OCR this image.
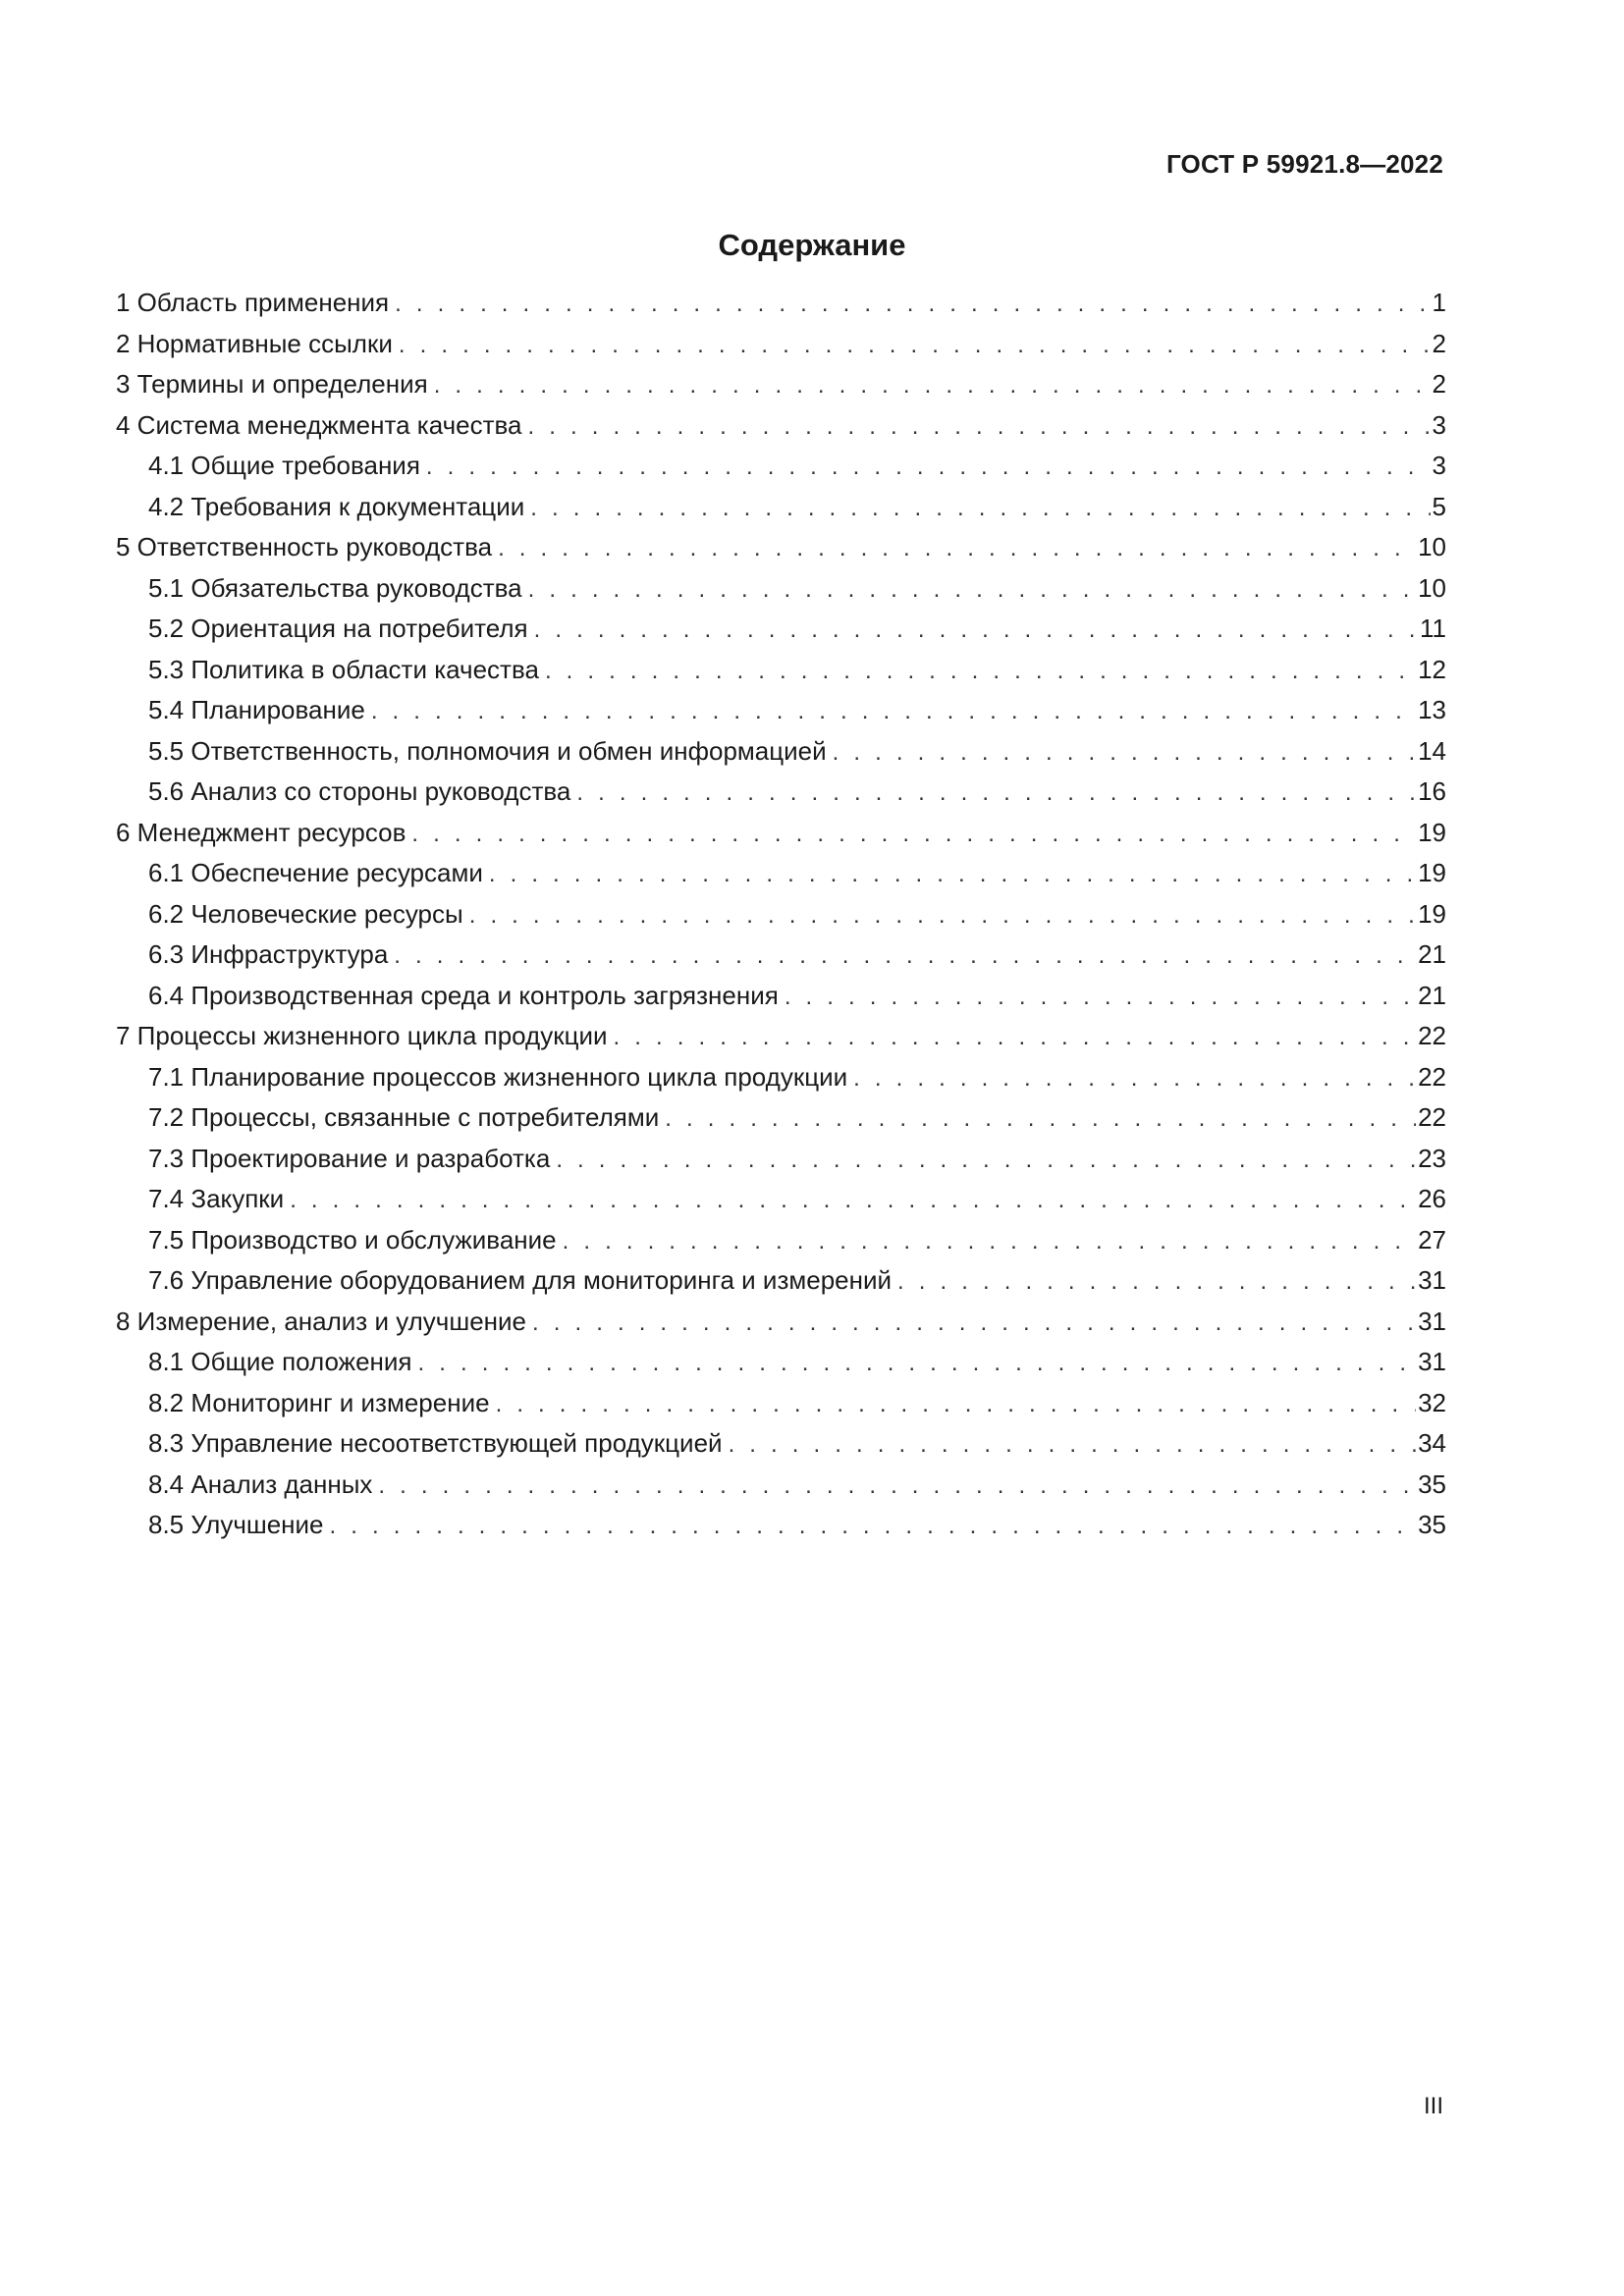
ГОСТ Р 59921.8—2022
Содержание
1 Область применения . . .	1
2 Нормативные ссылки . . .	2
3 Термины и определения . . .	2
4 Система менеджмента качества . . .	3
4.1 Общие требования . . .	3
4.2 Требования к документации . . .	5
5 Ответственность руководства . . .	10
5.1 Обязательства руководства . . .	10
5.2 Ориентация на потребителя . . .	11
5.3 Политика в области качества . . .	12
5.4 Планирование . . .	13
5.5 Ответственность, полномочия и обмен информацией . . .	14
5.6 Анализ со стороны руководства . . .	16
6 Менеджмент ресурсов . . .	19
6.1 Обеспечение ресурсами . . .	19
6.2 Человеческие ресурсы . . .	19
6.3 Инфраструктура . . .	21
6.4 Производственная среда и контроль загрязнения . . .	21
7 Процессы жизненного цикла продукции . . .	22
7.1 Планирование процессов жизненного цикла продукции . . .	22
7.2 Процессы, связанные с потребителями . . .	22
7.3 Проектирование и разработка . . .	23
7.4 Закупки . . .	26
7.5 Производство и обслуживание . . .	27
7.6 Управление оборудованием для мониторинга и измерений . . .	31
8 Измерение, анализ и улучшение . . .	31
8.1 Общие положения . . .	31
8.2 Мониторинг и измерение . . .	32
8.3 Управление несоответствующей продукцией . . .	34
8.4 Анализ данных . . .	35
8.5 Улучшение . . .	35
III
